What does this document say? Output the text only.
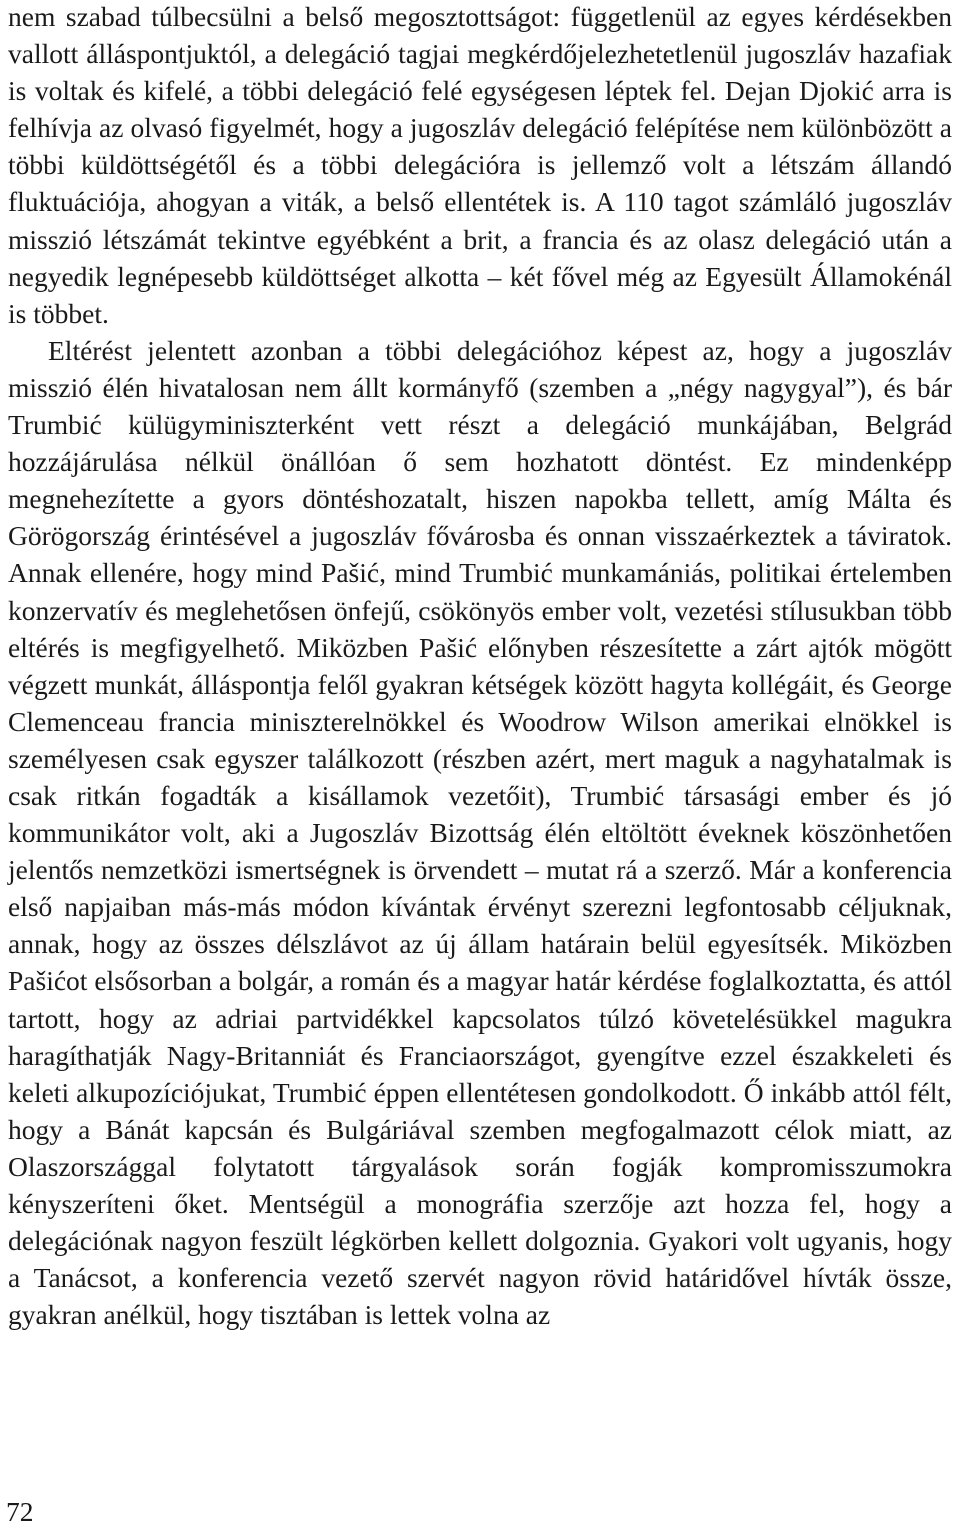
nem szabad túlbecsülni a belső megosztottságot: függetlenül az egyes kérdésekben vallott álláspontjuktól, a delegáció tagjai megkérdőjelezhetetlenül jugoszláv hazafiak is voltak és kifelé, a többi delegáció felé egységesen léptek fel. Dejan Djokić arra is felhívja az olvasó figyelmét, hogy a jugoszláv delegáció felépítése nem különbözött a többi küldöttségétől és a többi delegációra is jellemző volt a létszám állandó fluktuációja, ahogyan a viták, a belső ellentétek is. A 110 tagot számláló jugoszláv misszió létszámát tekintve egyébként a brit, a francia és az olasz delegáció után a negyedik legnépesebb küldöttséget alkotta – két fővel még az Egyesült Államokénál is többet.

Eltérést jelentett azonban a többi delegációhoz képest az, hogy a jugoszláv misszió élén hivatalosan nem állt kormányfő (szemben a „négy nagygyal”), és bár Trumbić külügyminiszterként vett részt a delegáció munkájában, Belgrád hozzájárulása nélkül önállóan ő sem hozhatott döntést. Ez mindenképp megnehezítette a gyors döntéshozatalt, hiszen napokba tellett, amíg Málta és Görögország érintésével a jugoszláv fővárosba és onnan visszaérkeztek a táviratok. Annak ellenére, hogy mind Pašić, mind Trumbić munkamániás, politikai értelemben konzervatív és meglehetősen önfejű, csökönyös ember volt, vezetési stílusukban több eltérés is megfigyelhető. Miközben Pašić előnyben részesítette a zárt ajtók mögött végzett munkát, álláspontja felől gyakran kétségek között hagyta kollégáit, és George Clemenceau francia miniszterelnökkel és Woodrow Wilson amerikai elnökkel is személyesen csak egyszer találkozott (részben azért, mert maguk a nagyhatalmak is csak ritkán fogadták a kisállamok vezetőit), Trumbić társasági ember és jó kommunikátor volt, aki a Jugoszláv Bizottság élén eltöltött éveknek köszönhetően jelentős nemzetközi ismertségnek is örvendett – mutat rá a szerző. Már a konferencia első napjaiban más-más módon kívántak érvényt szerezni legfontosabb céljuknak, annak, hogy az összes délszlávot az új állam határain belül egyesítsék. Miközben Pašićot elsősorban a bolgár, a román és a magyar határ kérdése foglalkoztatta, és attól tartott, hogy az adriai partvidékkel kapcsolatos túlzó követelésükkel magukra haragíthatják Nagy-Britanniát és Franciaországot, gyengítve ezzel északkeleti és keleti alkupozíciójukat, Trumbić éppen ellentétesen gondolkodott. Ő inkább attól félt, hogy a Bánát kapcsán és Bulgáriával szemben megfogalmazott célok miatt, az Olaszországgal folytatott tárgyalások során fogják kompromisszumokra kényszeríteni őket. Mentségül a monográfia szerzője azt hozza fel, hogy a delegációnak nagyon feszült légkörben kellett dolgoznia. Gyakori volt ugyanis, hogy a Tanácsot, a konferencia vezető szervét nagyon rövid határidővel hívták össze, gyakran anélkül, hogy tisztában is lettek volna az

72
